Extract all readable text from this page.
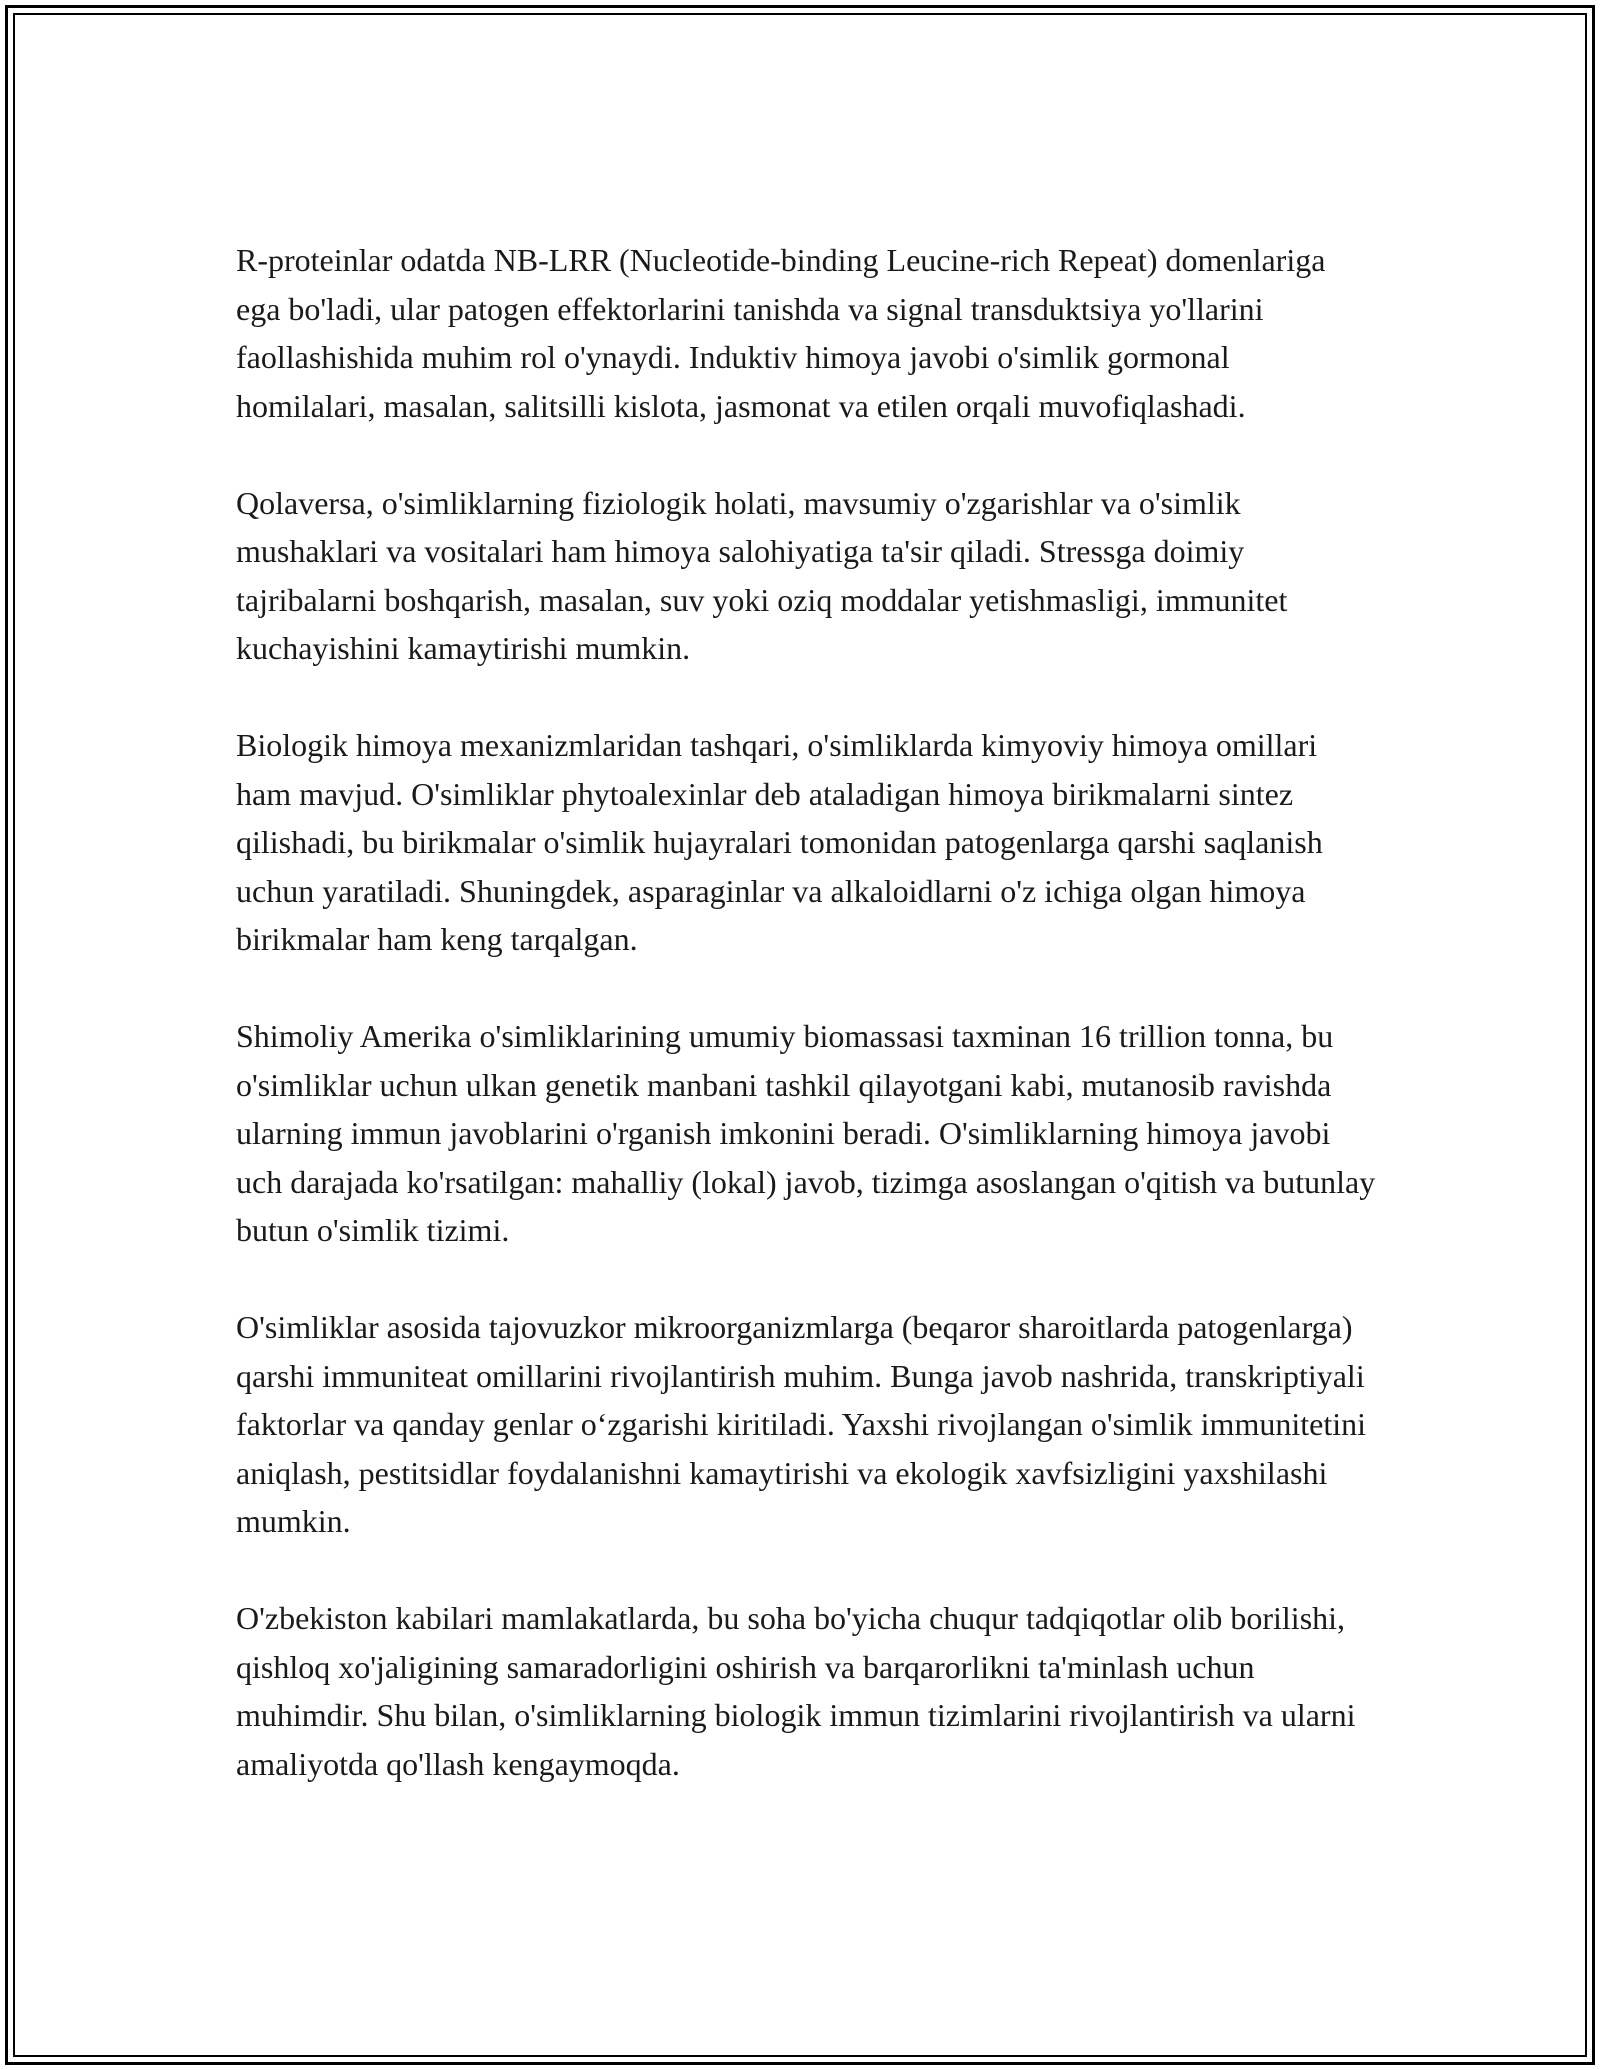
R-proteinlar odatda NB-LRR (Nucleotide-binding Leucine-rich Repeat) domenlariga ega bo'ladi, ular patogen effektorlarini tanishda va signal transduktsiya yo'llarini faollashishida muhim rol o'ynaydi. Induktiv himoya javobi o'simlik gormonal homilalari, masalan, salitsilli kislota, jasmonat va etilen orqali muvofiqlashadi.

Qolaversa, o'simliklarning fiziologik holati, mavsumiy o'zgarishlar va o'simlik mushaklari va vositalari ham himoya salohiyatiga ta'sir qiladi. Stressga doimiy tajribalarni boshqarish, masalan, suv yoki oziq moddalar yetishmasligi, immunitet kuchayishini kamaytirishi mumkin.

Biologik himoya mexanizmlaridan tashqari, o'simliklarda kimyoviy himoya omillari ham mavjud. O'simliklar phytoalexinlar deb ataladigan himoya birikmalarni sintez qilishadi, bu birikmalar o'simlik hujayralari tomonidan patogenlarga qarshi saqlanish uchun yaratiladi. Shuningdek, asparaginlar va alkaloidlarni o'z ichiga olgan himoya birikmalar ham keng tarqalgan.

Shimoliy Amerika o'simliklarining umumiy biomassasi taxminan 16 trillion tonna, bu o'simliklar uchun ulkan genetik manbani tashkil qilayotgani kabi, mutanosib ravishda ularning immun javoblarini o'rganish imkonini beradi. O'simliklarning himoya javobi uch darajada ko'rsatilgan: mahalliy (lokal) javob, tizimga asoslangan o'qitish va butunlay butun o'simlik tizimi.

O'simliklar asosida tajovuzkor mikroorganizmlarga (beqaror sharoitlarda patogenlarga) qarshi immuniteat omillarini rivojlantirish muhim. Bunga javob nashrida, transkriptiyali faktorlar va qanday genlar o‘zgarishi kiritiladi. Yaxshi rivojlangan o'simlik immunitetini aniqlash, pestitsidlar foydalanishni kamaytirishi va ekologik xavfsizligini yaxshilashi mumkin.

O'zbekiston kabilari mamlakatlarda, bu soha bo'yicha chuqur tadqiqotlar olib borilishi, qishloq xo'jaligining samaradorligini oshirish va barqarorlikni ta'minlash uchun muhimdir. Shu bilan, o'simliklarning biologik immun tizimlarini rivojlantirish va ularni amaliyotda qo'llash kengaymoqda.
